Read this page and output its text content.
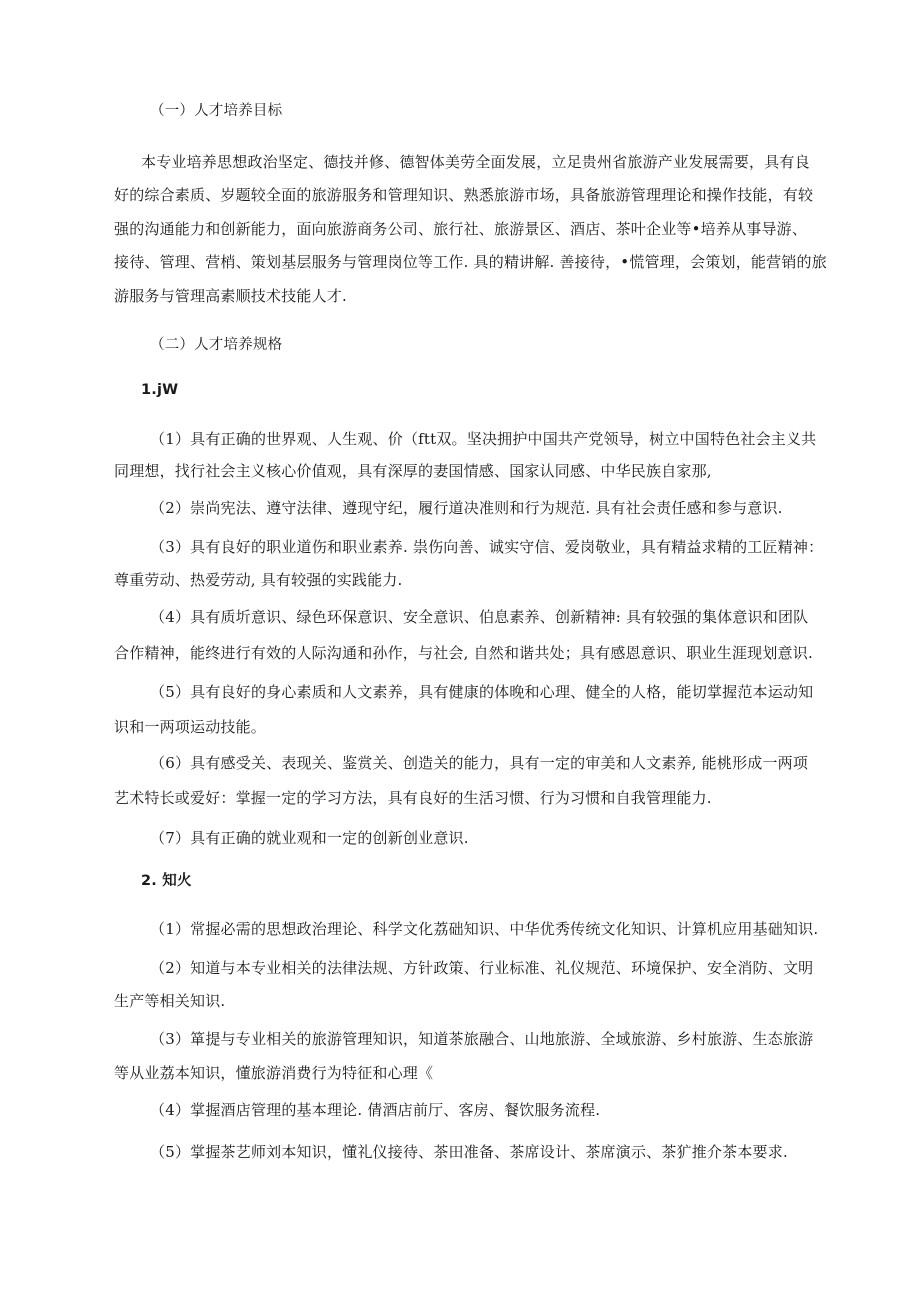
（一）人才培养目标
本专业培养思想政治坚定、德技并修、德智体美劳全面发展，立足贵州省旅游产业发展需要，具有良
好的综合素质、岁题较全面的旅游服务和管理知识、熟悉旅游市场，具备旅游管理理论和操作技能，有较
强的沟通能力和创新能力，面向旅游商务公司、旅行社、旅游景区、酒店、茶叶企业等•培养从事导游、
接待、管理、营梢、策划基层服务与管理岗位等工作. 具的精讲解. 善接待，•慌管理，会策划，能营销的旅
游服务与管理高素顺技术技能人才.
（二）人才培养规格
1.jW
（1）具有正确的世界观、人生观、价（ftt双。坚决拥护中国共产党领导，树立中国特色社会主义共
同理想，找行社会主义核心价值观，具有深厚的妻国情感、国家认同感、中华民族自家那,
（2）崇尚宪法、遵守法律、遵现守纪，履行道决准则和行为规范. 具有社会责任感和参与意识.
（3）具有良好的职业道伤和职业素养. 祟伤向善、诚实守信、爱岗敬业，具有精益求精的工匠精神：
尊重劳动、热爱劳动, 具有较强的实践能力.
（4）具有质圻意识、绿色环保意识、安全意识、伯息素养、创新精神: 具有较强的集体意识和团队
合作精神，能终进行有效的人际沟通和孙作，与社会, 自然和谐共处；具有感恩意识、职业生涯现划意识.
（5）具有良好的身心素质和人文素养，具有健康的体晚和心理、健全的人格，能切掌握范本运动知
识和一两项运动技能。
（6）具有感受关、表现关、鉴赏关、创造关的能力，具有一定的审美和人文素养, 能桃形成一两项
艺术特长或爱好：掌握一定的学习方法，具有良好的生活习惯、行为习惯和自我管理能力.
（7）具有正确的就业观和一定的创新创业意识.
2. 知火
（1）常握必需的思想政治理论、科学文化荔础知识、中华优秀传统文化知识、计算机应用基础知识.
（2）知道与本专业相关的法律法规、方针政策、行业标准、礼仪规范、环境保护、安全消防、文明
生产等相关知识.
（3）箪提与专业相关的旅游管理知识，知道茶旅融合、山地旅游、全域旅游、乡村旅游、生态旅游
等从业荔本知识，懂旅游消费行为特征和心理《
（4）掌握酒店管理的基本理论. 倩酒店前厅、客房、餐饮服务流程.
（5）掌握茶艺师刘本知识，懂礼仪接待、茶田准备、茶席设计、茶席演示、茶犷推介茶本要求.
